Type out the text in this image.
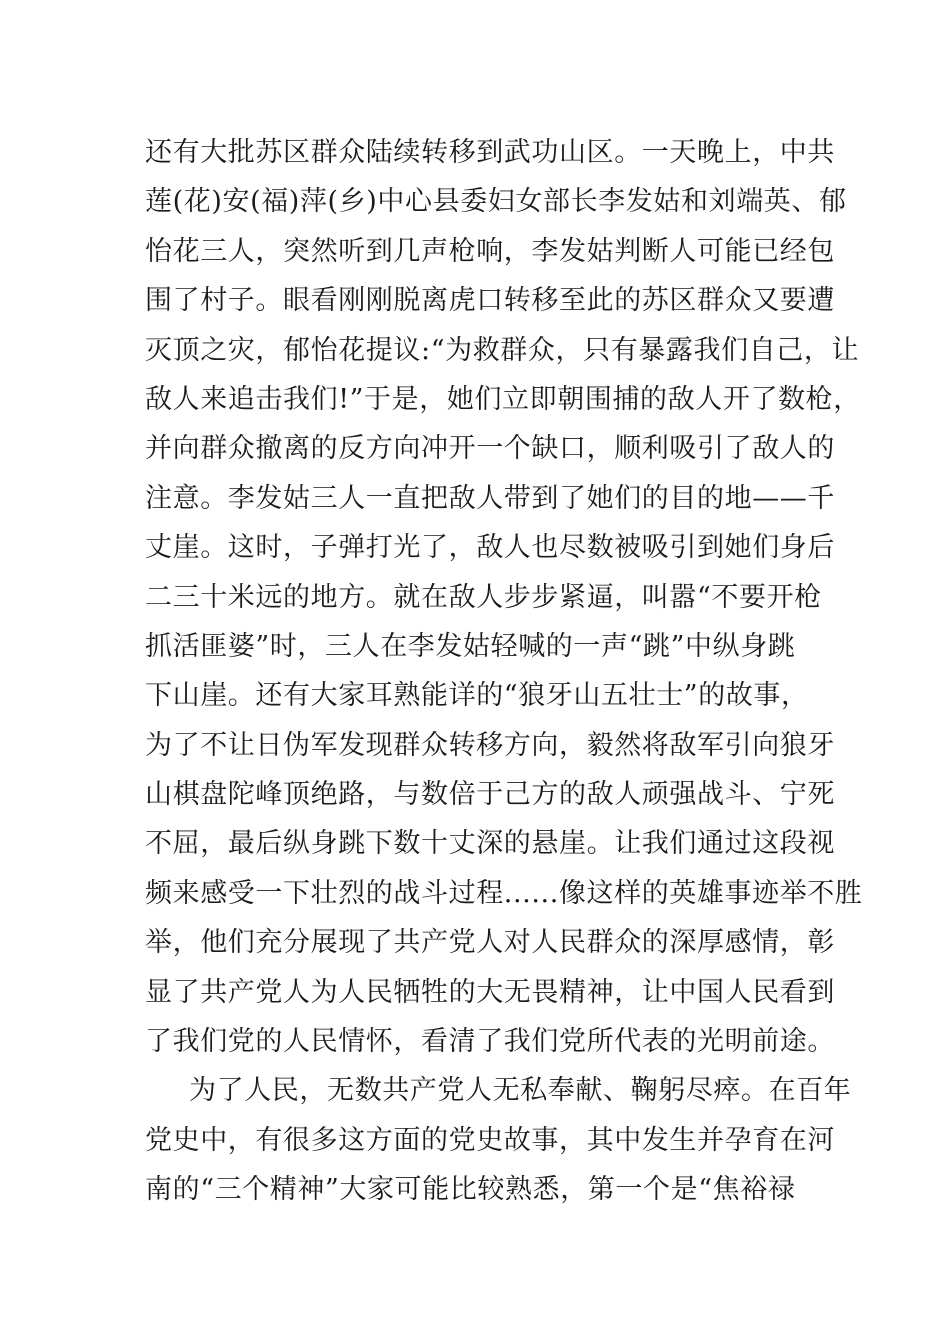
还有大批苏区群众陆续转移到武功山区。一天晚上，中共
莲(花)安(福)萍(乡)中心县委妇女部长李发姑和刘端英、郁
怡花三人，突然听到几声枪响，李发姑判断人可能已经包
围了村子。眼看刚刚脱离虎口转移至此的苏区群众又要遭
灭顶之灾，郁怡花提议:“为救群众，只有暴露我们自己，让
敌人来追击我们!”于是，她们立即朝围捕的敌人开了数枪，
并向群众撤离的反方向冲开一个缺口，顺利吸引了敌人的
注意。李发姑三人一直把敌人带到了她们的目的地——千
丈崖。这时，子弹打光了，敌人也尽数被吸引到她们身后
二三十米远的地方。就在敌人步步紧逼，叫嚣“不要开枪
抓活匪婆”时，三人在李发姑轻喊的一声“跳”中纵身跳
下山崖。还有大家耳熟能详的“狼牙山五壮士”的故事，
为了不让日伪军发现群众转移方向，毅然将敌军引向狼牙
山棋盘陀峰顶绝路，与数倍于己方的敌人顽强战斗、宁死
不屈，最后纵身跳下数十丈深的悬崖。让我们通过这段视
频来感受一下壮烈的战斗过程......像这样的英雄事迹举不胜
举，他们充分展现了共产党人对人民群众的深厚感情，彰
显了共产党人为人民牺牲的大无畏精神，让中国人民看到
了我们党的人民情怀，看清了我们党所代表的光明前途。
为了人民，无数共产党人无私奉献、鞠躬尽瘁。在百年
党史中，有很多这方面的党史故事，其中发生并孕育在河
南的“三个精神”大家可能比较熟悉，第一个是“焦裕禄
